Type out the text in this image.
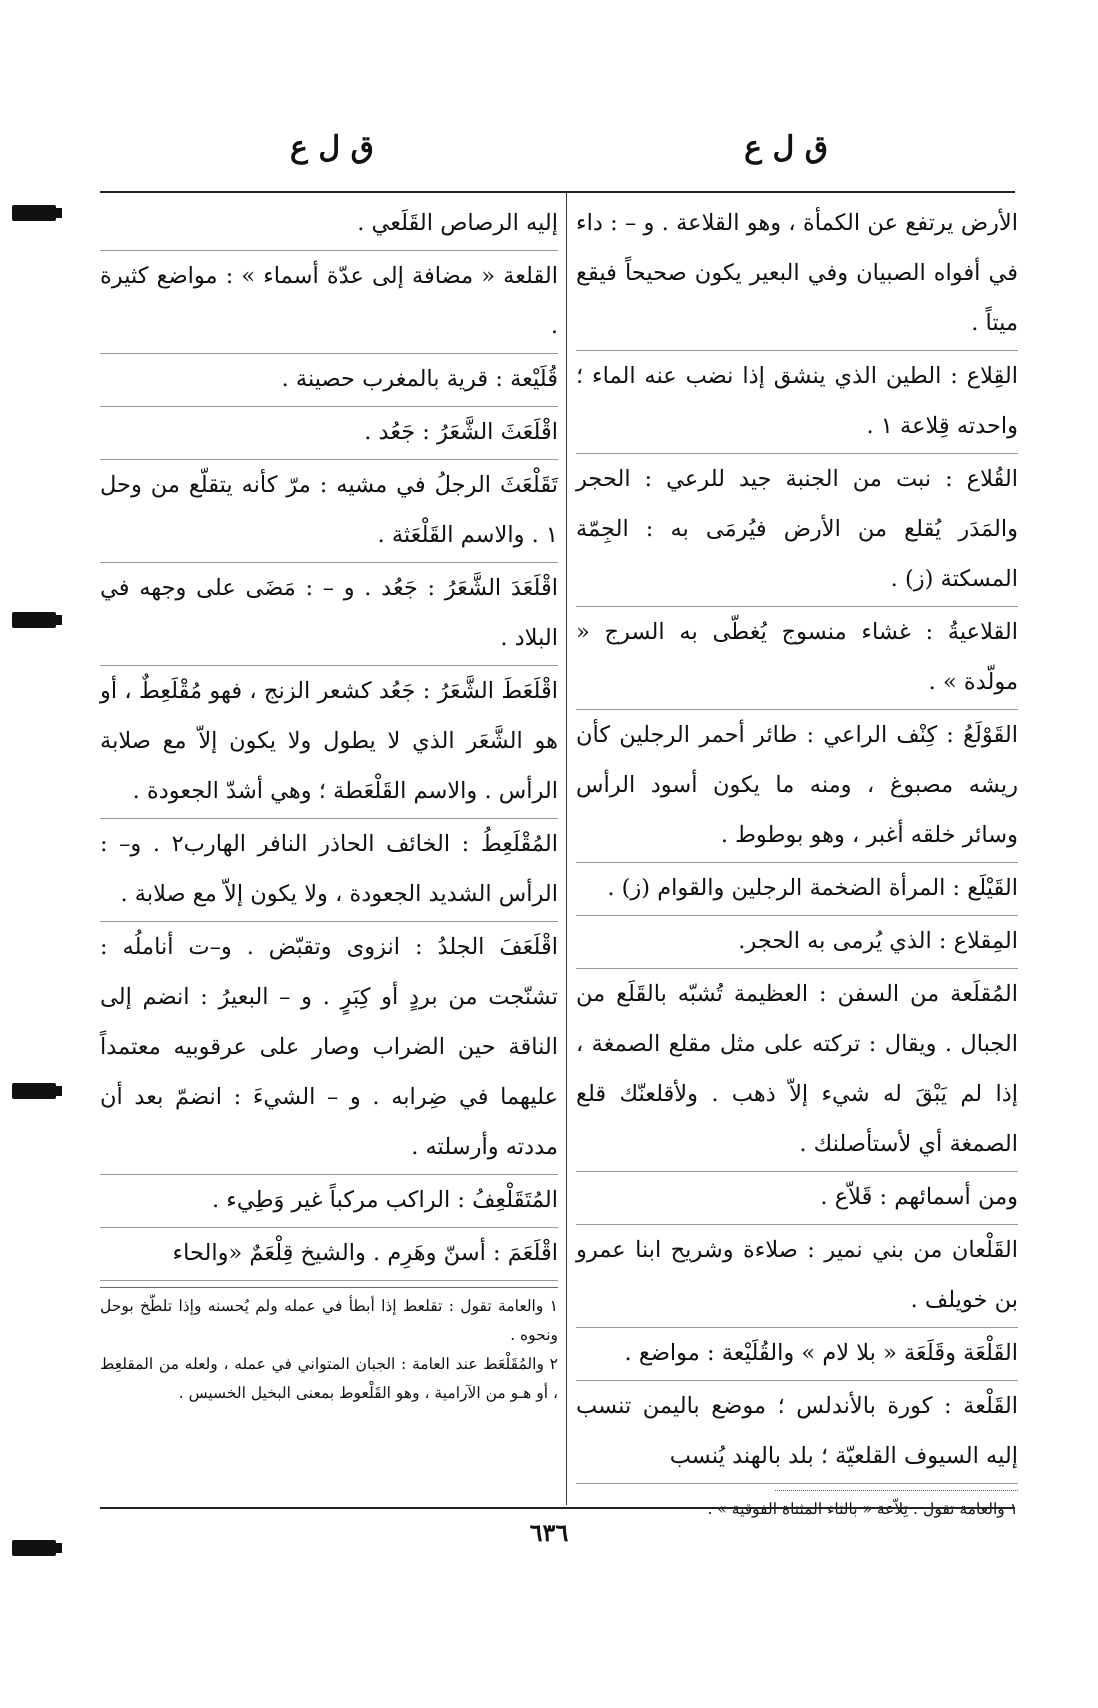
ق ل ع
ق ل ع

الأرض يرتفع عن الكمأة ، وهو القلاعة . و – : داء في أفواه الصبيان وفي البعير يكون صحيحاً فيقع ميتاً .

القِلاع : الطين الذي ينشق إذا نضب عنه الماء ؛ واحدته قِلاعة ١ .

القُلاع : نبت من الجنبة جيد للرعي : الحجر والمَدَر يُقلع من الأرض فيُرمَى به : الجِمّة المسكتة (ز) .

القلاعيةُ : غشاء منسوج يُغطّى به السرج « مولّدة » .

القَوْلَعُ : كِنْف الراعي : طائر أحمر الرجلين كأن ريشه مصبوغ ، ومنه ما يكون أسود الرأس وسائر خلقه أغبر ، وهو بوطوط .

القَيْلَع : المرأة الضخمة الرجلين والقوام (ز) .

المِقلاع : الذي يُرمى به الحجر.

المُقلَعة من السفن : العظيمة تُشبّه بالقَلَع من الجبال . ويقال : تركته على مثل مقلع الصمغة ، إذا لم يَبْقَ له شيء إلاّ ذهب . ولأقلعنّك قلع الصمغة أي لأستأصلنك .

ومن أسمائهم : قَلاّع .

القَلْعان من بني نمير : صلاءة وشريح ابنا عمرو بن خويلف .

القَلْعَة وقَلَعَة « بلا لام » والقُلَيْعة : مواضع .

القَلْعة : كورة بالأندلس ؛ موضع باليمن تنسب إليه السيوف القلعيّة ؛ بلد بالهند يُنسب

١ والعامة تقول : تِلاّعة « بالتاء المثناة الفوقية » .

إليه الرصاص القَلَعي .

القلعة « مضافة إلى عدّة أسماء » : مواضع كثيرة .

قُلَيْعة : قرية بالمغرب حصينة .

اقْلَعَثَ الشَّعَرُ : جَعُد .

تَقَلْعَثَ الرجلُ في مشيه : مرّ كأنه يتقلّع من وحل ١ . والاسم القَلْعَثة .

اقْلَعَدَ الشَّعَرُ : جَعُد . و – : مَضَى على وجهه في البلاد .

اقْلَعَطَ الشَّعَرُ : جَعُد كشعر الزنج ، فهو مُقْلَعِطٌ ، أو هو الشَّعَر الذي لا يطول ولا يكون إلاّ مع صلابة الرأس . والاسم القَلْعَطة ؛ وهي أشدّ الجعودة .

المُقْلَعِطُ : الخائف الحاذر النافر الهارب٢ . و– : الرأس الشديد الجعودة ، ولا يكون إلاّ مع صلابة .

اقْلَعَفَ الجلدُ : انزوى وتقبّض . و–ت أناملُه : تشنّجت من بردٍ أو كِبَرٍ . و – البعيرُ : انضم إلى الناقة حين الضراب وصار على عرقوبيه معتمداً عليهما في ضِرابه . و – الشيءَ : انضمّ بعد أن مددته وأرسلته .

المُتَقَلْعِفُ : الراكب مركباً غير وَطِيء .

اقْلَعَمَ : أسنّ وهَرِم . والشيخ قِلْعَمٌ «والحاء

١ والعامة تقول : تقلعط إذا أبطأ في عمله ولم يُحسنه وإذا تلطّخ بوحل ونحوه .

٢ والمُقَلْعَط عند العامة : الجبان المتواني في عمله ، ولعله من المقلعِط ، أو هـو من الآرامية ، وهو القَلْعوط بمعنى البخيل الخسيس .

٦٣٦
